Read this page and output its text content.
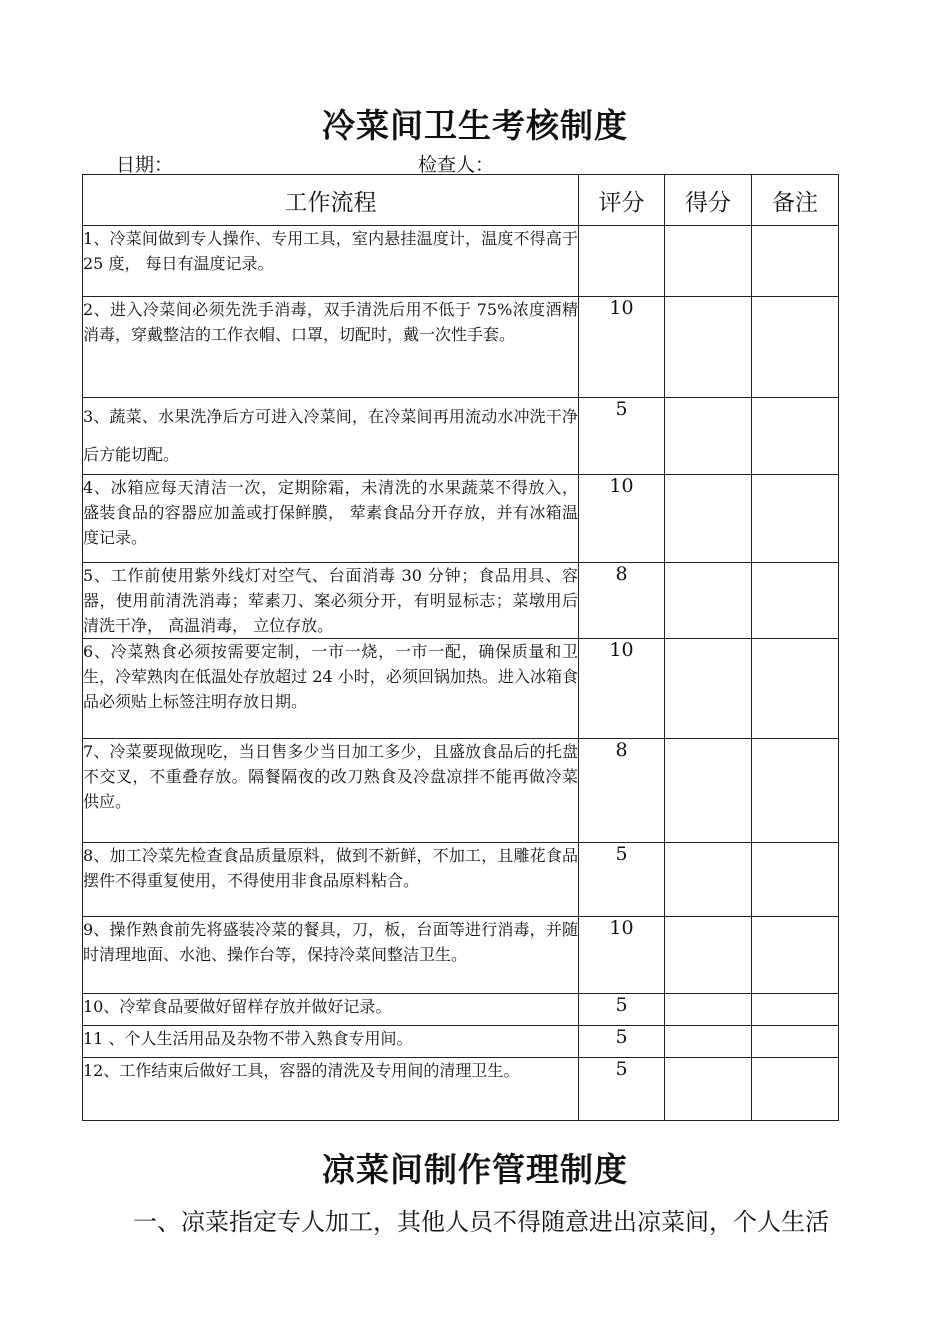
冷菜间卫生考核制度
日期：	检查人：
工作流程	评分	得分	备注
1、冷菜间做到专人操作、专用工具，室内悬挂温度计，温度不得高于 25 度， 每日有温度记录。			
2、进入冷菜间必须先洗手消毒，双手清洗后用不低于 75%浓度酒精消毒，穿戴整洁的工作衣帽、口罩，切配时，戴一次性手套。	10		
3、蔬菜、水果洗净后方可进入冷菜间，在冷菜间再用流动水冲洗干净后方能切配。	5		
4、冰箱应每天清洁一次，定期除霜，未清洗的水果蔬菜不得放入， 盛装食品的容器应加盖或打保鲜膜， 荤素食品分开存放，并有冰箱温度记录。	10		
5、工作前使用紫外线灯对空气、台面消毒 30 分钟；食品用具、容器，使用前清洗消毒；荤素刀、案必须分开，有明显标志；菜墩用后清洗干净， 高温消毒， 立位存放。	8		
6、冷菜熟食必须按需要定制，一市一烧，一市一配，确保质量和卫生，冷荤熟肉在低温处存放超过 24 小时，必须回锅加热。进入冰箱食品必须贴上标签注明存放日期。	10		
7、冷菜要现做现吃，当日售多少当日加工多少，且盛放食品后的托盘不交叉，不重叠存放。隔餐隔夜的改刀熟食及冷盘凉拌不能再做冷菜供应。	8		
8、加工冷菜先检查食品质量原料，做到不新鲜，不加工，且雕花食品摆件不得重复使用，不得使用非食品原料粘合。	5		
9、操作熟食前先将盛装冷菜的餐具，刀，板，台面等进行消毒，并随时清理地面、水池、操作台等，保持冷菜间整洁卫生。	10		
10、冷荤食品要做好留样存放并做好记录。	5		
11 、个人生活用品及杂物不带入熟食专用间。	5		
12、工作结束后做好工具，容器的清洗及专用间的清理卫生。	5		
凉菜间制作管理制度
一、凉菜指定专人加工，其他人员不得随意进出凉菜间，个人生活
